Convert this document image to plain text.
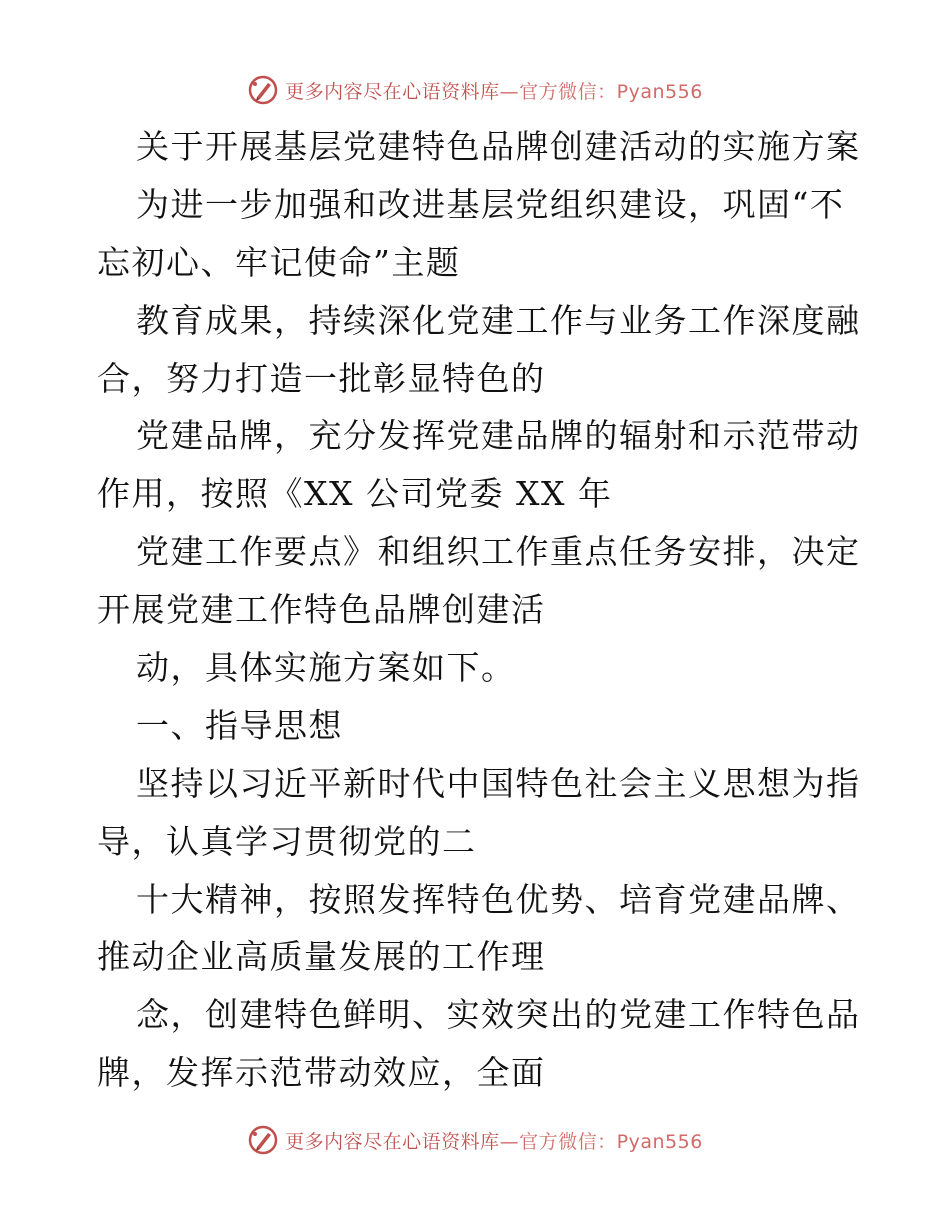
更多内容尽在心语资料库—官方微信：Pyan556
关于开展基层党建特色品牌创建活动的实施方案
为进一步加强和改进基层党组织建设，巩固“不
忘初心、牢记使命”主题
教育成果，持续深化党建工作与业务工作深度融
合，努力打造一批彰显特色的
党建品牌，充分发挥党建品牌的辐射和示范带动
作用，按照《XX 公司党委 XX 年
党建工作要点》和组织工作重点任务安排，决定
开展党建工作特色品牌创建活
动，具体实施方案如下。
一、指导思想
坚持以习近平新时代中国特色社会主义思想为指
导，认真学习贯彻党的二
十大精神，按照发挥特色优势、培育党建品牌、
推动企业高质量发展的工作理
念，创建特色鲜明、实效突出的党建工作特色品
牌，发挥示范带动效应，全面
更多内容尽在心语资料库—官方微信：Pyan556
